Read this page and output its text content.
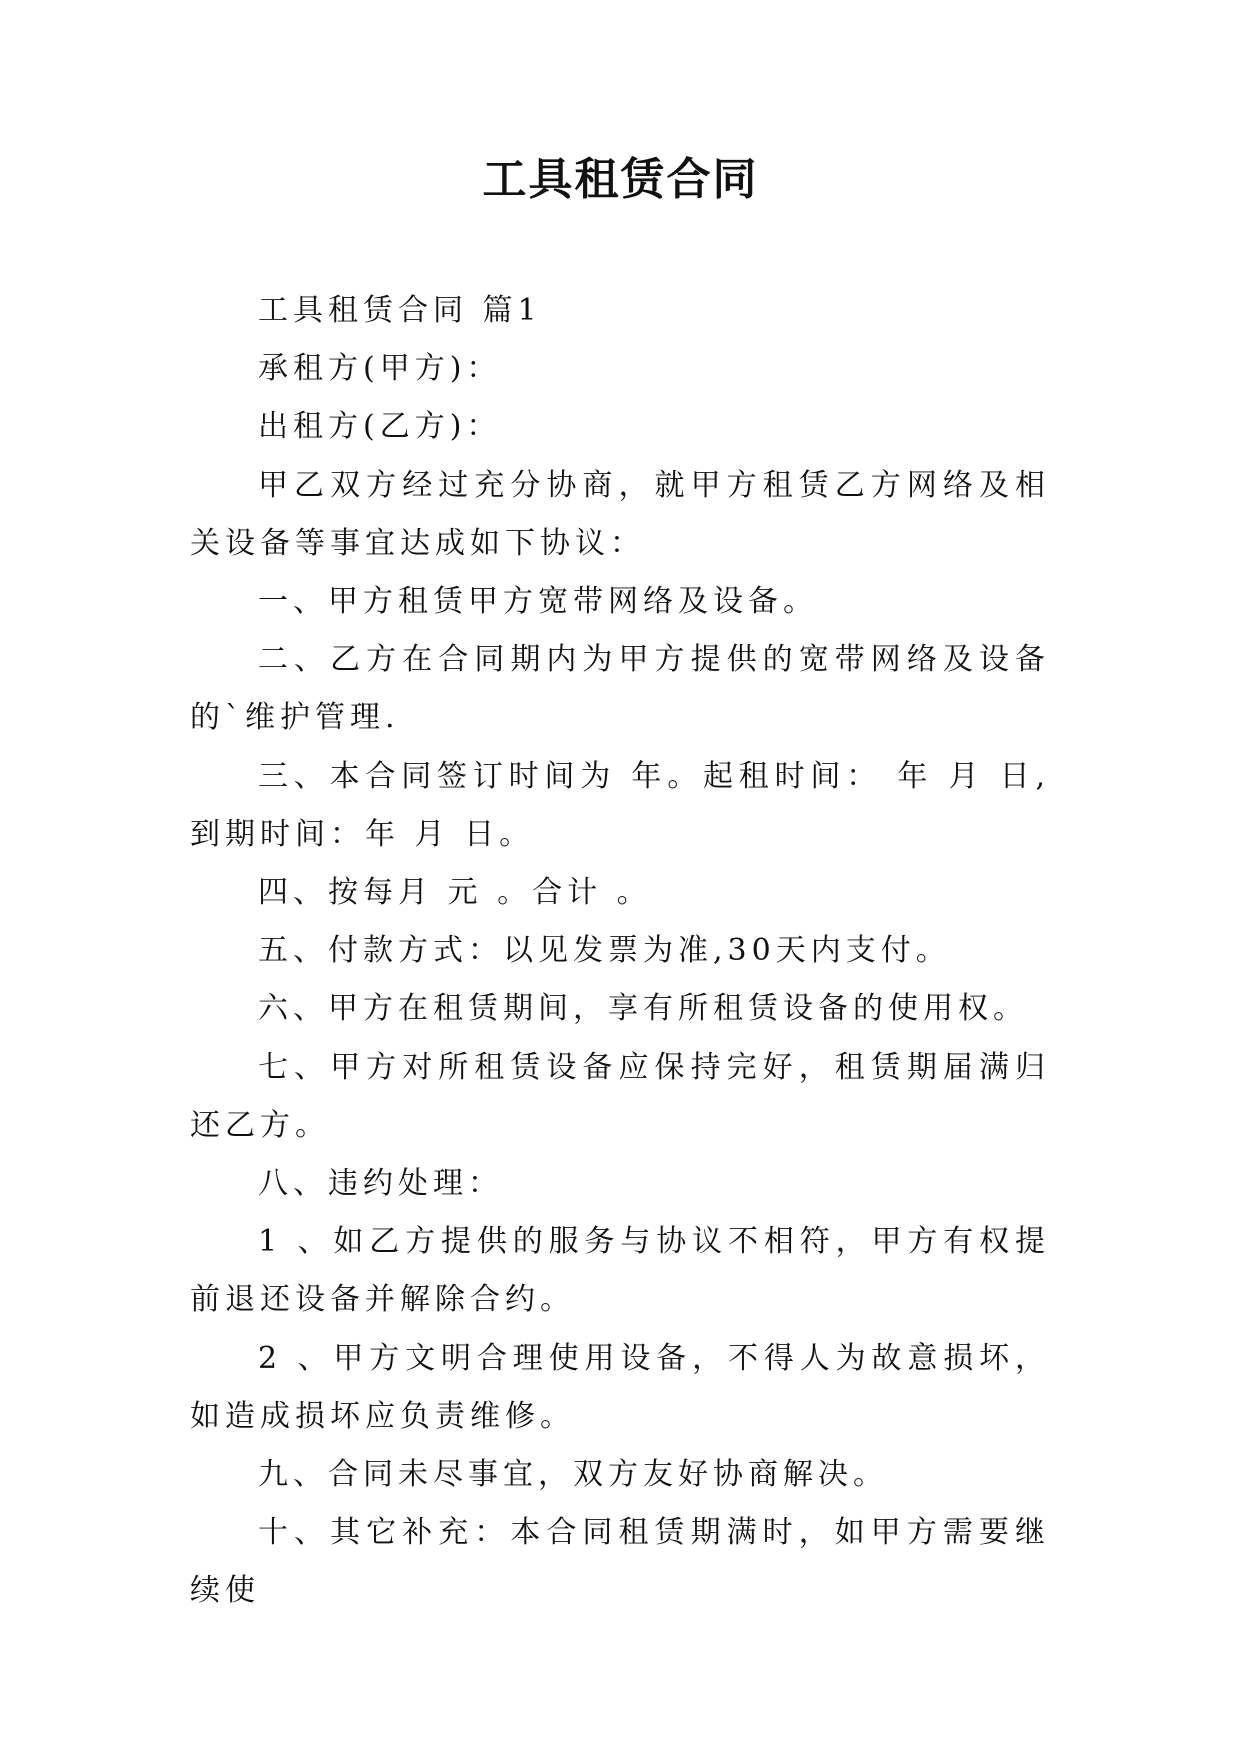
工具租赁合同

工具租赁合同 篇1

承租方(甲方)：

出租方(乙方)：

甲乙双方经过充分协商，就甲方租赁乙方网络及相关设备等事宜达成如下协议：

一、甲方租赁甲方宽带网络及设备。

二、乙方在合同期内为甲方提供的宽带网络及设备的`维护管理.

三、本合同签订时间为 年。起租时间： 年 月 日,到期时间：年 月 日。

四、按每月 元 。合计 。

五、付款方式：以见发票为准,30天内支付。

六、甲方在租赁期间，享有所租赁设备的使用权。

七、甲方对所租赁设备应保持完好，租赁期届满归还乙方。

八、违约处理：

1 、如乙方提供的服务与协议不相符，甲方有权提前退还设备并解除合约。

2 、甲方文明合理使用设备，不得人为故意损坏，如造成损坏应负责维修。

九、合同未尽事宜，双方友好协商解决。

十、其它补充：本合同租赁期满时，如甲方需要继续使
